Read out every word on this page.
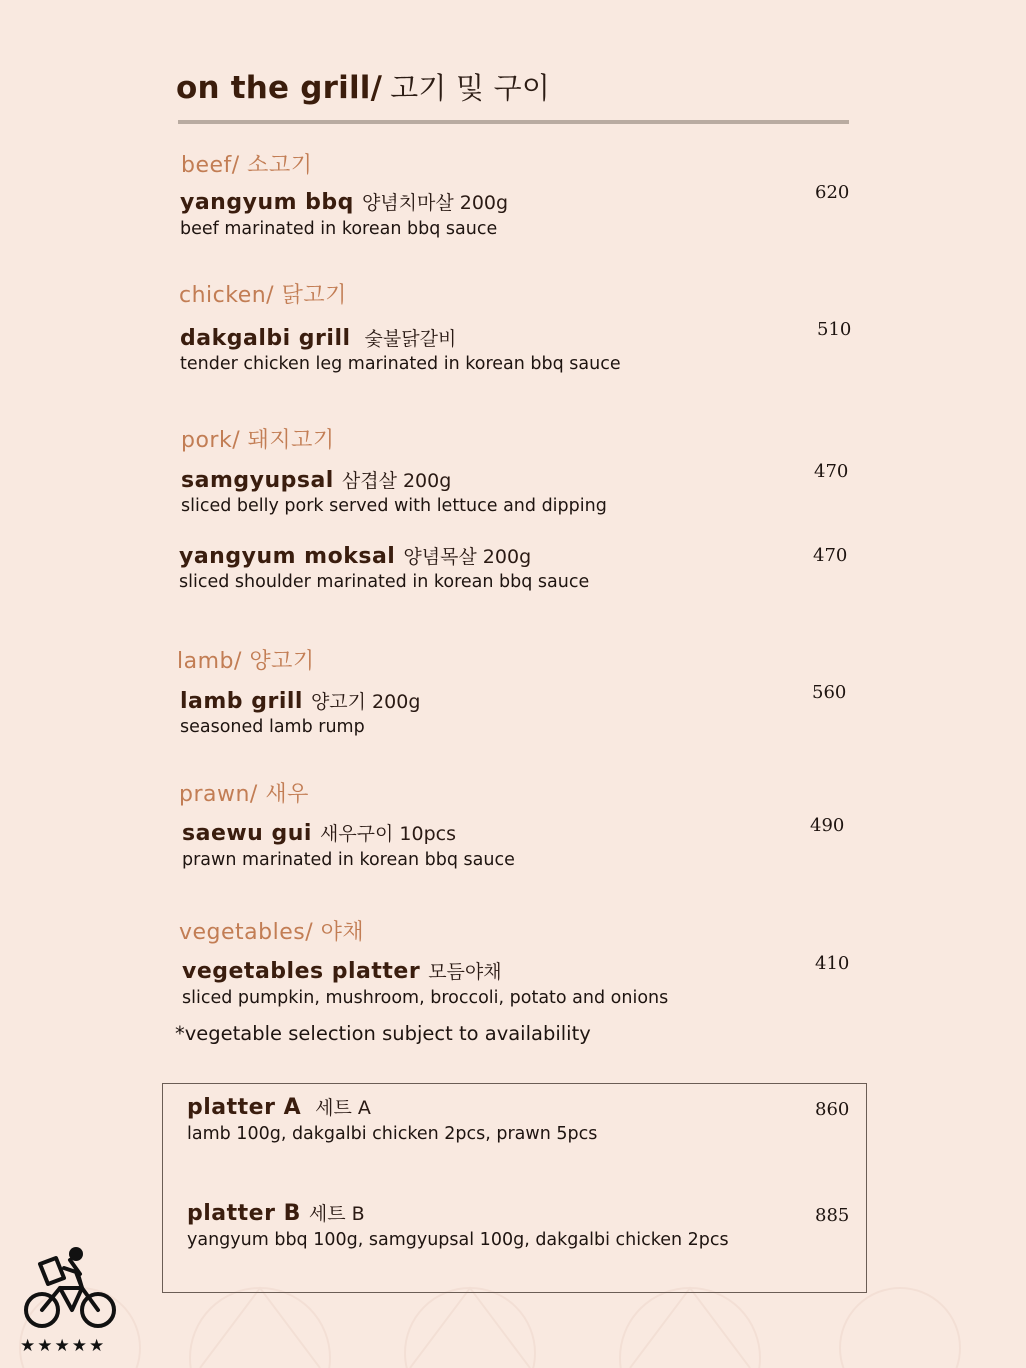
on the grill/ 고기 및 구이
beef/ 소고기
yangyum bbq 양념치마살 200g
beef marinated in korean bbq sauce
620
chicken/ 닭고기
dakgalbi grill 숯불닭갈비
tender chicken leg marinated in korean bbq sauce
510
pork/ 돼지고기
samgyupsal 삼겹살 200g
sliced belly pork served with lettuce and dipping
470
yangyum moksal 양념목살 200g
sliced shoulder marinated in korean bbq sauce
470
lamb/ 양고기
lamb grill 양고기 200g
seasoned lamb rump
560
prawn/ 새우
saewu gui 새우구이 10pcs
prawn marinated in korean bbq sauce
490
vegetables/ 야채
vegetables platter 모듬야채
sliced pumpkin, mushroom, broccoli, potato and onions
410
*vegetable selection subject to availability
platter A 세트 A
lamb 100g, dakgalbi chicken 2pcs, prawn 5pcs
860
platter B 세트 B
yangyum bbq 100g, samgyupsal 100g, dakgalbi chicken 2pcs
885
★★★★★
